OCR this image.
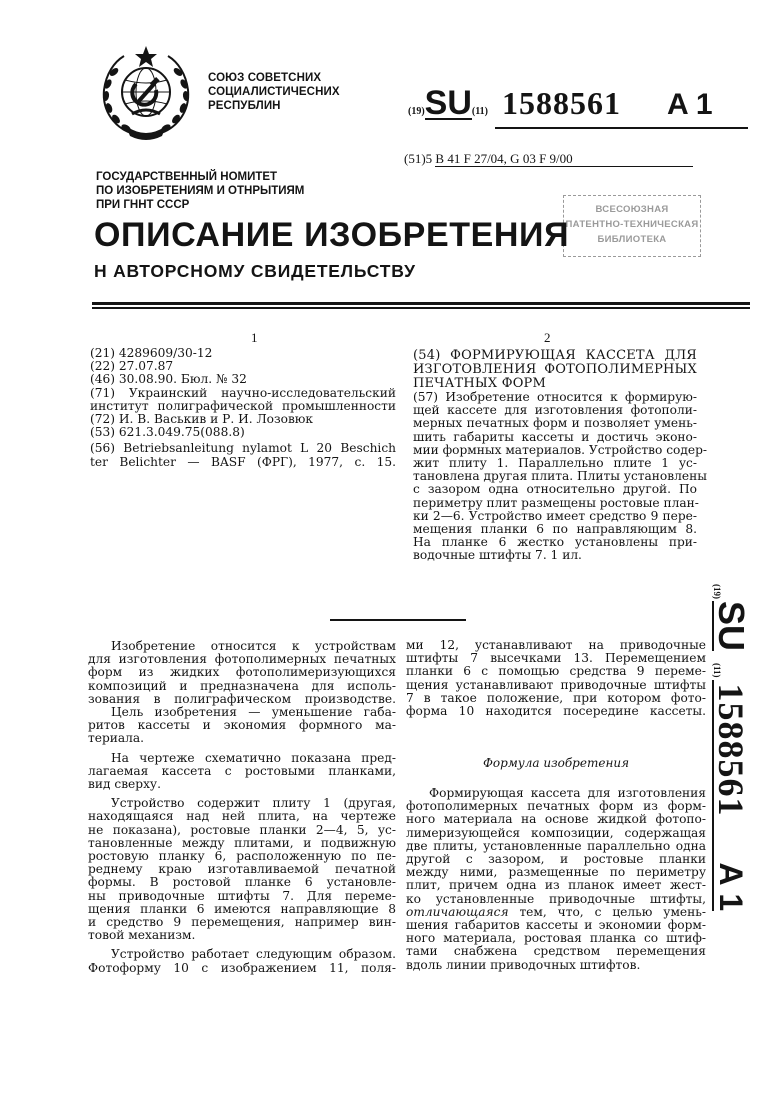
СОЮЗ СОВЕТСНИХ
СОЦИАЛИСТИЧЕСНИХ
РЕСПУБЛИН	(19)SU(11) 1588561 A 1
(51)5 B 41 F 27/04, G 03 F 9/00
ГОСУДАРСТВЕННЫЙ НОМИТЕТ
ПО ИЗОБРЕТЕНИЯМ И ОТНРЫТИЯМ
ПРИ ГННТ СССР	ВСЕСОЮЗНАЯ
ПАТЕНТНО-ТЕХНИЧЕСКАЯ
БИБЛИОТЕКА
ОПИСАНИЕ ИЗОБРЕТЕНИЯ
Н АВТОРСНОМУ СВИДЕТЕЛЬСТВУ
1	2
(21) 4289609/30-12
(22) 27.07.87
(46) 30.08.90. Бюл. № 32
(71) Украинский научно-исследовательский
институт полиграфической промышленности
(72) И. В. Васькив и Р. И. Лозовюк
(53) 621.3.049.75(088.8)
(56) Betriebsanleitung nylamot L 20 Beschich
ter Belichter — BASF (ФРГ), 1977, с. 15.
(54) ФОРМИРУЮЩАЯ КАССЕТА ДЛЯ
ИЗГОТОВЛЕНИЯ ФОТОПОЛИМЕРНЫХ
ПЕЧАТНЫХ ФОРМ
(57) Изобретение относится к формирую-
щей кассете для изготовления фотополи-
мерных печатных форм и позволяет умень-
шить габариты кассеты и достичь эконо-
мии формных материалов. Устройство содер-
жит плиту 1. Параллельно плите 1 ус-
тановлена другая плита. Плиты установлены
с зазором одна относительно другой. По
периметру плит размещены ростовые план-
ки 2—6. Устройство имеет средство 9 пере-
мещения планки 6 по направляющим 8.
На планке 6 жестко установлены при-
водочные штифты 7. 1 ил.
(19)
SU
(11)
1588561
A 1
Изобретение относится к устройствам
для изготовления фотополимерных печатных
форм из жидких фотополимеризующихся
композиций и предназначена для исполь-
зования в полиграфическом производстве.
Цель изобретения — уменьшение габа-
ритов кассеты и экономия формного ма-
териала.
На чертеже схематично показана пред-
лагаемая кассета с ростовыми планками,
вид сверху.
Устройство содержит плиту 1 (другая,
находящаяся над ней плита, на чертеже
не показана), ростовые планки 2—4, 5, ус-
тановленные между плитами, и подвижную
ростовую планку 6, расположенную по пе-
реднему краю изготавливаемой печатной
формы. В ростовой планке 6 установле-
ны приводочные штифты 7. Для переме-
щения планки 6 имеются направляющие 8
и средство 9 перемещения, например вин-
товой механизм.
Устройство работает следующим образом.
Фотоформу 10 с изображением 11, поля-
ми 12, устанавливают на приводочные
штифты 7 высечками 13. Перемещением
планки 6 с помощью средства 9 переме-
щения устанавливают приводочные штифты
7 в такое положение, при котором фото-
форма 10 находится посередине кассеты.
Формула изобретения
Формирующая кассета для изготовления
фотополимерных печатных форм из форм-
ного материала на основе жидкой фотопо-
лимеризующейся композиции, содержащая
две плиты, установленные параллельно одна
другой с зазором, и ростовые планки
между ними, размещенные по периметру
плит, причем одна из планок имеет жест-
ко установленные приводочные штифты,
отличающаяся тем, что, с целью умень-
шения габаритов кассеты и экономии форм-
ного материала, ростовая планка со штиф-
тами снабжена средством перемещения
вдоль линии приводочных штифтов.
